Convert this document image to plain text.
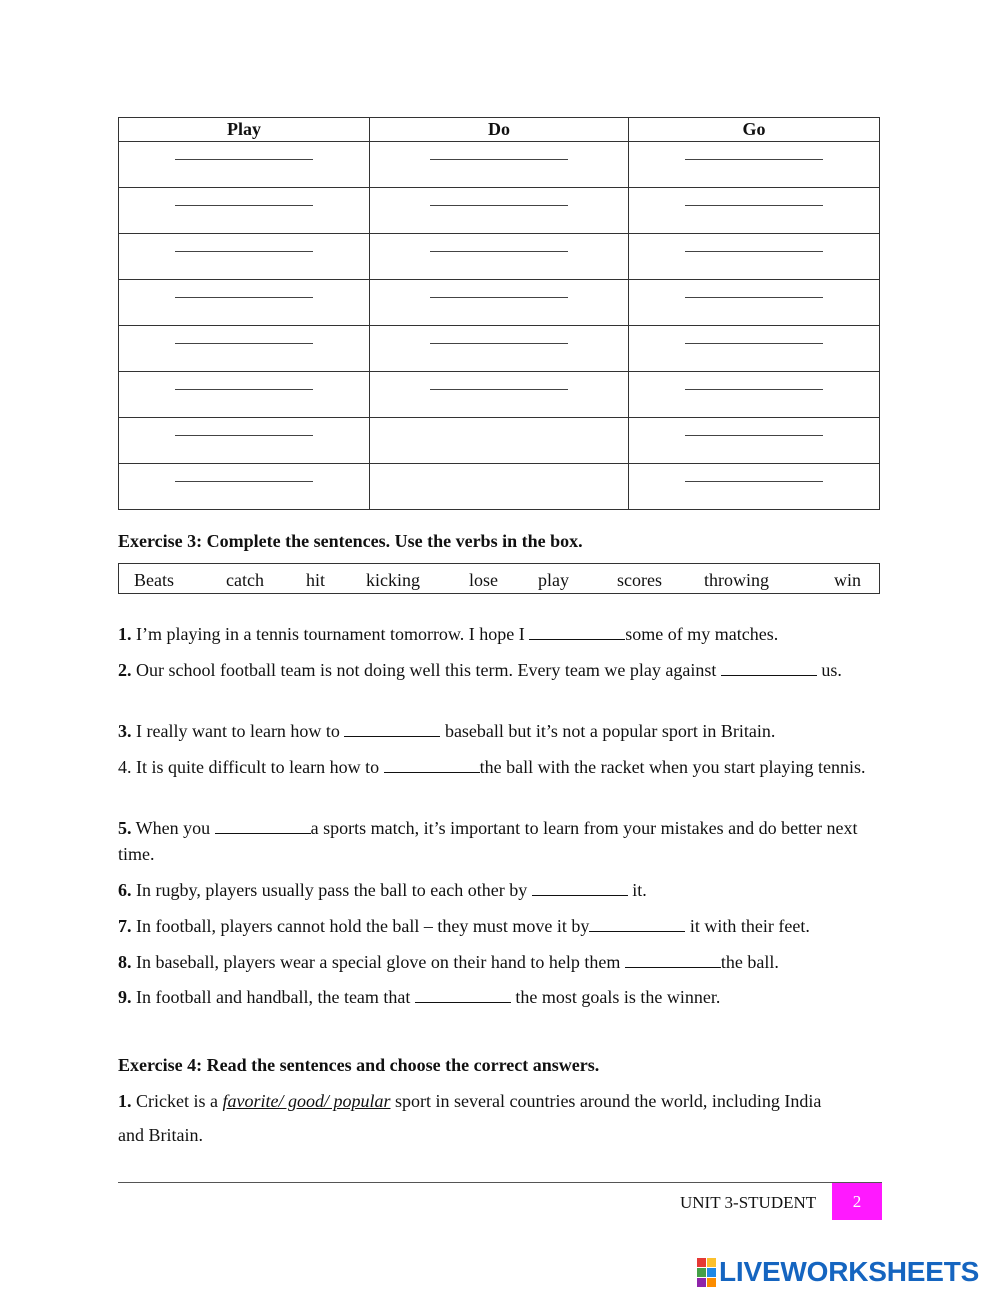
Play	Do	Go

Exercise 3: Complete the sentences. Use the verbs in the box.
Beats	catch hit kicking	lose play	scores throwing	win
1. I’m playing in a tennis tournament tomorrow. I hope I	some of my matches.
2. Our school football team is not doing well this term. Every team we play against	us.
3. I really want to learn how to	baseball but it’s not a popular sport in Britain.
4. It is quite difficult to learn how to	the ball with the racket when you start playing tennis.
5. When you	a sports match, it’s important to learn from your mistakes and do better next time.
6. In rugby, players usually pass the ball to each other by	it.
7. In football, players cannot hold the ball – they must move it by	it with their feet.
8. In baseball, players wear a special glove on their hand to help them	the ball.
9. In football and handball, the team that	the most goals is the winner.
Exercise 4: Read the sentences and choose the correct answers.
1. Cricket is a favorite/ good/ popular sport in several countries around the world, including India and Britain.
UNIT 3-STUDENT 2
LIVEWORKSHEETS
